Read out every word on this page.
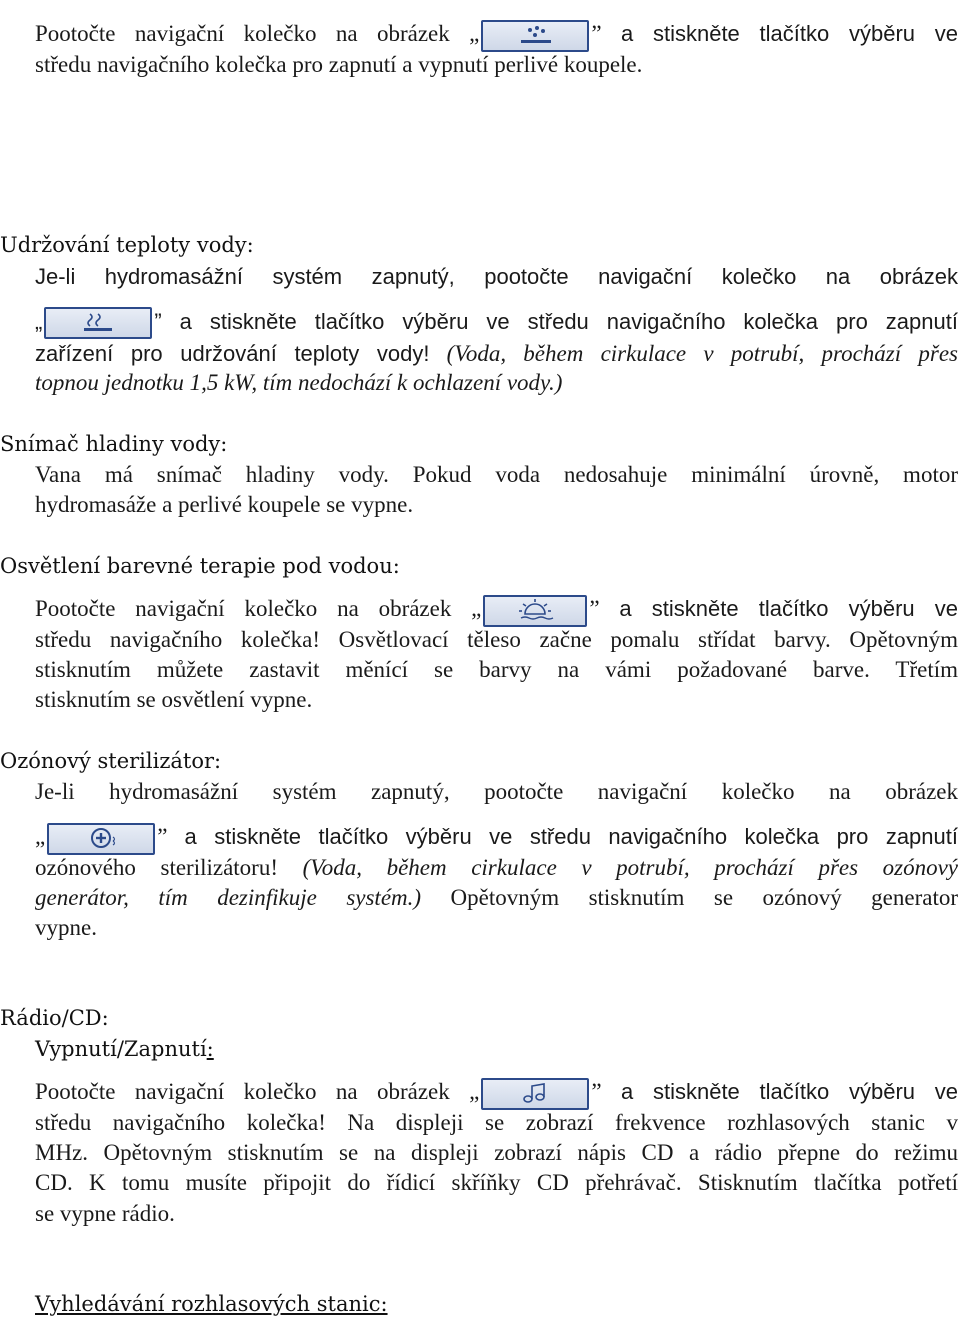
Pootočte navigační kolečko na obrázek „	” a stiskněte tlačítko výběru ve
středu navigačního kolečka pro zapnutí a vypnutí perlivé koupele.
Udržování teploty vody:
Je-li hydromasážní systém zapnutý, pootočte navigační kolečko na obrázek
„	” a stiskněte tlačítko výběru ve středu navigačního kolečka pro zapnutí
zařízení pro udržování teploty vody! (Voda, během cirkulace v potrubí, prochází přes
topnou jednotku 1,5 kW, tím nedochází k ochlazení vody.)
Snímač hladiny vody:
Vana má snímač hladiny vody. Pokud voda nedosahuje minimální úrovně, motor
hydromasáže a perlivé koupele se vypne.
Osvětlení barevné terapie pod vodou:
Pootočte navigační kolečko na obrázek „	” a stiskněte tlačítko výběru ve
středu navigačního kolečka! Osvětlovací těleso začne pomalu střídat barvy. Opětovným
stisknutím můžete zastavit měnící se barvy na vámi požadované barve. Třetím
stisknutím se osvětlení vypne.
Ozónový sterilizátor:
Je-li hydromasážní systém zapnutý, pootočte navigační kolečko na obrázek
„	” a stiskněte tlačítko výběru ve středu navigačního kolečka pro zapnutí
ozónového sterilizátoru! (Voda, během cirkulace v potrubí, prochází přes ozónový
generátor, tím dezinfikuje systém.) Opětovným stisknutím se ozónový generator
vypne.
Rádio/CD:
Vypnutí/Zapnutí:
Pootočte navigační kolečko na obrázek „	” a stiskněte tlačítko výběru ve
středu navigačního kolečka! Na displeji se zobrazí frekvence rozhlasových stanic v
MHz. Opětovným stisknutím se na displeji zobrazí nápis CD a rádio přepne do režimu
CD. K tomu musíte připojit do řídicí skříňky CD přehrávač. Stisknutím tlačítka potřetí
se vypne rádio.
Vyhledávání rozhlasových stanic:
